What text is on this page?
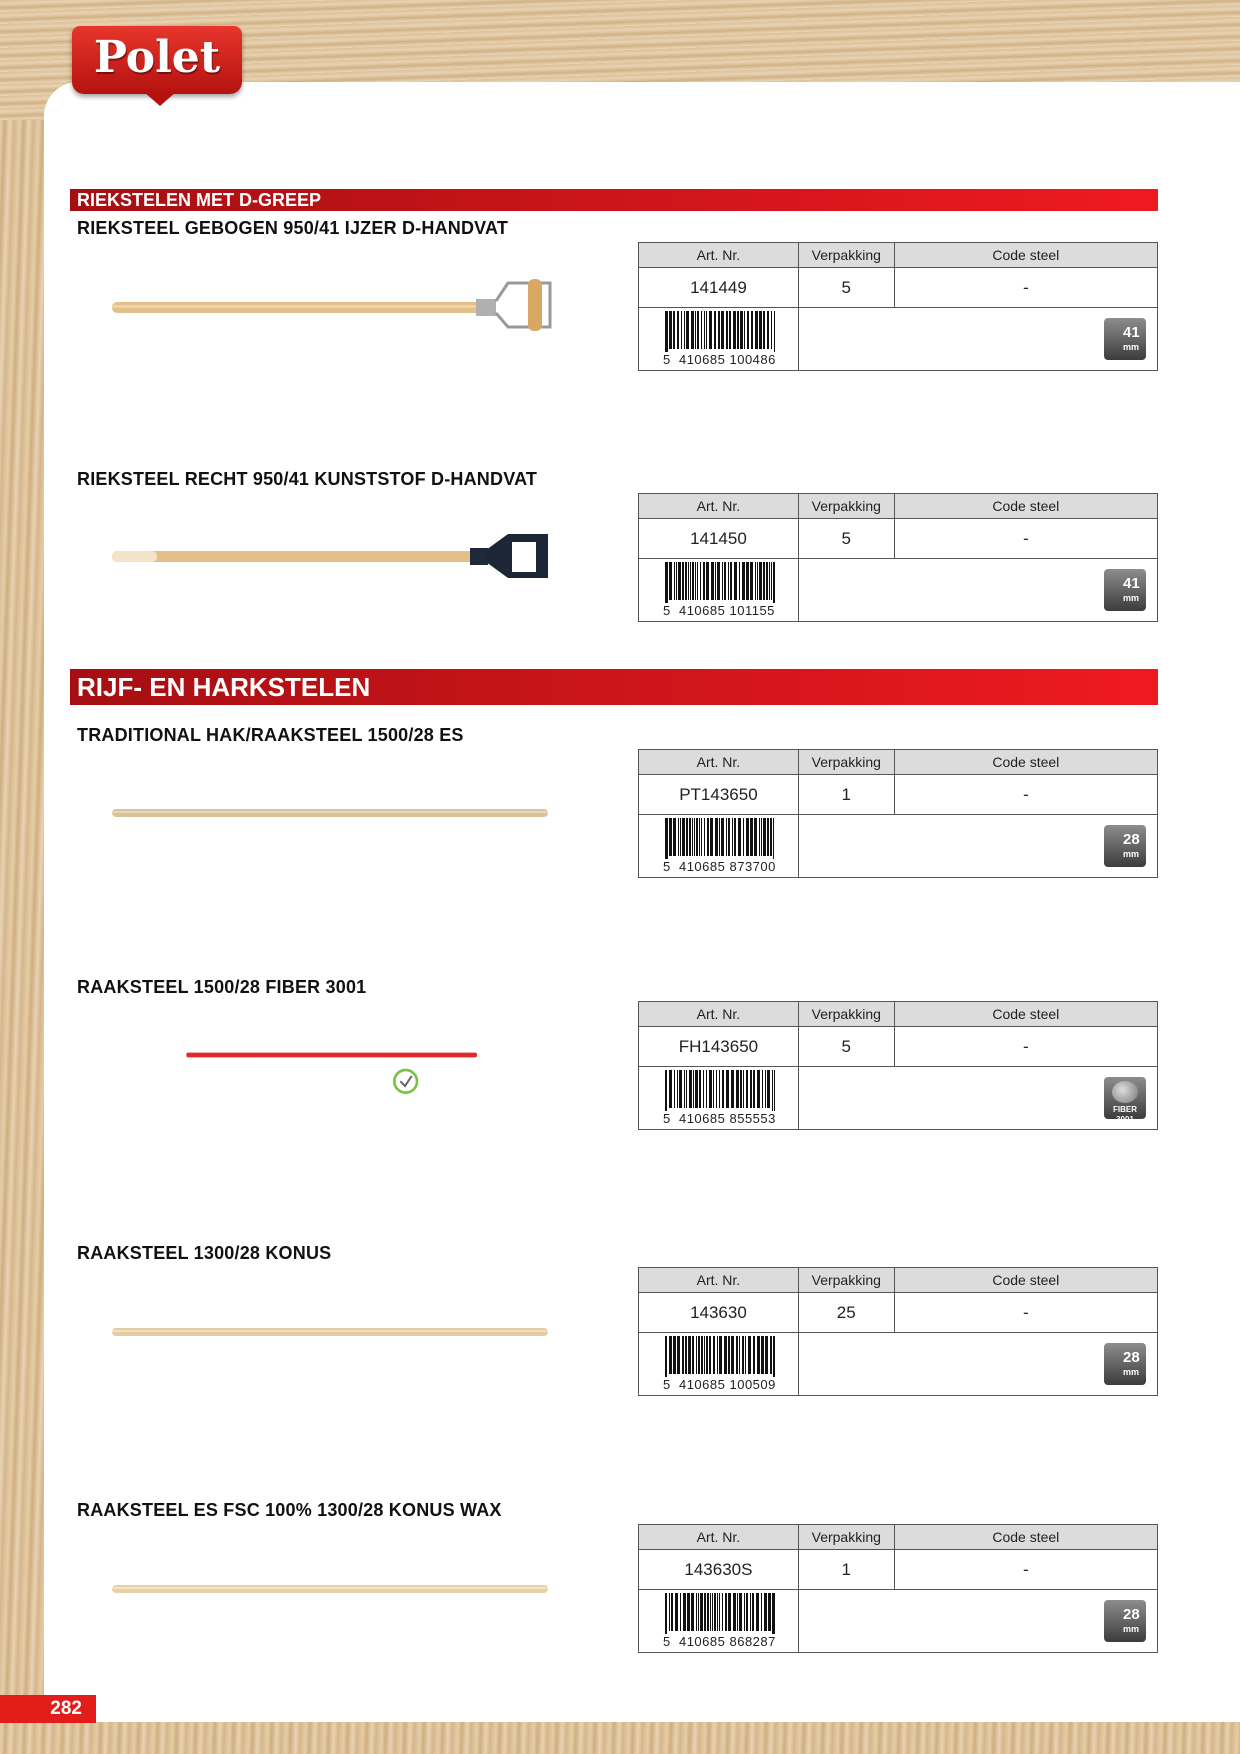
Polet
RIEKSTELEN MET D-GREEP
RIJF- EN HARKSTELEN
RIEKSTEEL GEBOGEN 950/41 IJZER D-HANDVAT
RIEKSTEEL RECHT 950/41 KUNSTSTOF D-HANDVAT
TRADITIONAL HAK/RAAKSTEEL 1500/28 ES
RAAKSTEEL 1500/28 FIBER 3001
RAAKSTEEL 1300/28 KONUS
RAAKSTEEL ES FSC 100% 1300/28 KONUS WAX
Art. Nr.	Verpakking	Code steel
141449	5	-

5 410685 100486	41
mm	
Art. Nr.	Verpakking	Code steel
141450	5	-

5 410685 101155	41
mm	
Art. Nr.	Verpakking	Code steel
PT143650	1	-

5 410685 873700	28
mm	
Art. Nr.	Verpakking	Code steel
FH143650	5	-

5 410685 855553	FIBER 3001	
Art. Nr.	Verpakking	Code steel
143630	25	-

5 410685 100509	28
mm	
Art. Nr.	Verpakking	Code steel
143630S	1	-

5 410685 868287	28
mm	
282
